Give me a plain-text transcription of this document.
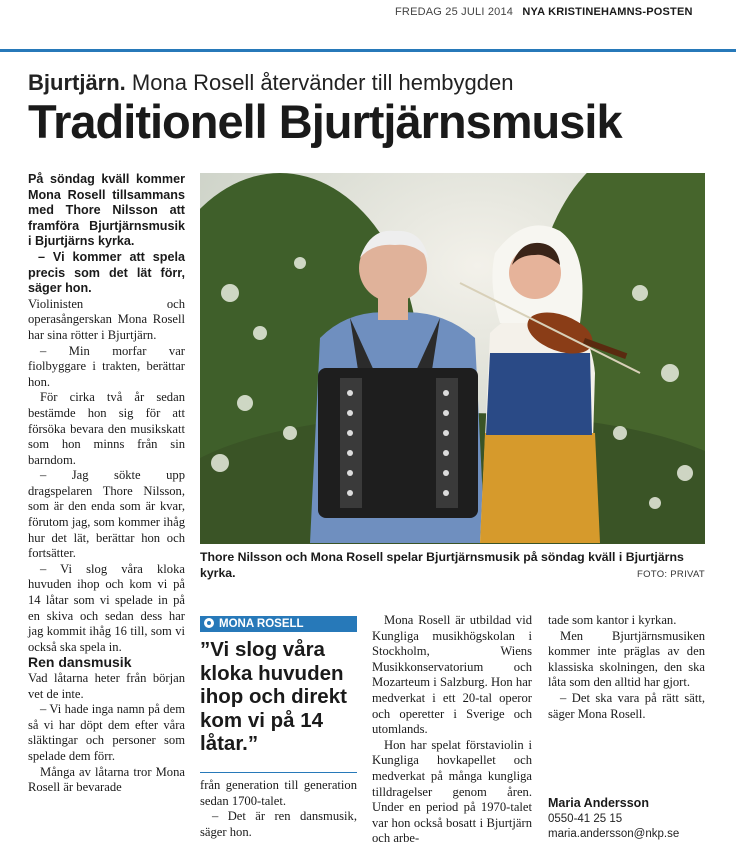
FREDAG 25 JULI 2014 NYA KRISTINEHAMNS-POSTEN
Bjurtjärn. Mona Rosell återvänder till hembygden
Traditionell Bjurtjärnsmusik
På söndag kväll kommer Mona Rosell tillsammans med Thore Nilsson att framföra Bjurtjärnsmusik i Bjurtjärns kyrka.
– Vi kommer att spela precis som det lät förr, säger hon.

Violinisten och operasångerskan Mona Rosell har sina rötter i Bjurtjärn.

– Min morfar var fiolbyggare i trakten, berättar hon.

För cirka två år sedan bestämde hon sig för att försöka bevara den musikskatt som hon minns från sin barndom.

– Jag sökte upp dragspelaren Thore Nilsson, som är den enda som är kvar, förutom jag, som kommer ihåg hur det lät, berättar hon och fortsätter.

– Vi slog våra kloka huvuden ihop och kom vi på 14 låtar som vi spelade in på en skiva och sedan dess har jag kommit ihåg 16 till, som vi också ska spela in.

Ren dansmusik

Vad låtarna heter från början vet de inte.

– Vi hade inga namn på dem så vi har döpt dem efter våra släktingar och personer som spelade dem förr.

Många av låtarna tror Mona Rosell är bevarade

Thore Nilsson och Mona Rosell spelar Bjurtjärnsmusik på söndag kväll i Bjurtjärns kyrka.	FOTO: PRIVAT
MONA ROSELL
”Vi slog våra kloka huvuden ihop och direkt kom vi på 14 låtar.”

från generation till generation sedan 1700-talet.

– Det är ren dansmusik, säger hon.

Mona Rosell är utbildad vid Kungliga musikhögskolan i Stockholm, Wiens Musikkonservatorium och Mozarteum i Salzburg. Hon har medverkat i ett 20-tal operor och operetter i Sverige och utomlands.

Hon har spelat förstaviolin i Kungliga hovkapellet och medverkat på många kungliga tilldragelser genom åren. Under en period på 1970-talet var hon också bosatt i Bjurtjärn och arbe-

tade som kantor i kyrkan.

Men Bjurtjärnsmusiken kommer inte präglas av den klassiska skolningen, den ska låta som den alltid har gjort.

– Det ska vara på rätt sätt, säger Mona Rosell.

Maria Andersson
0550-41 25 15
maria.andersson@nkp.se
